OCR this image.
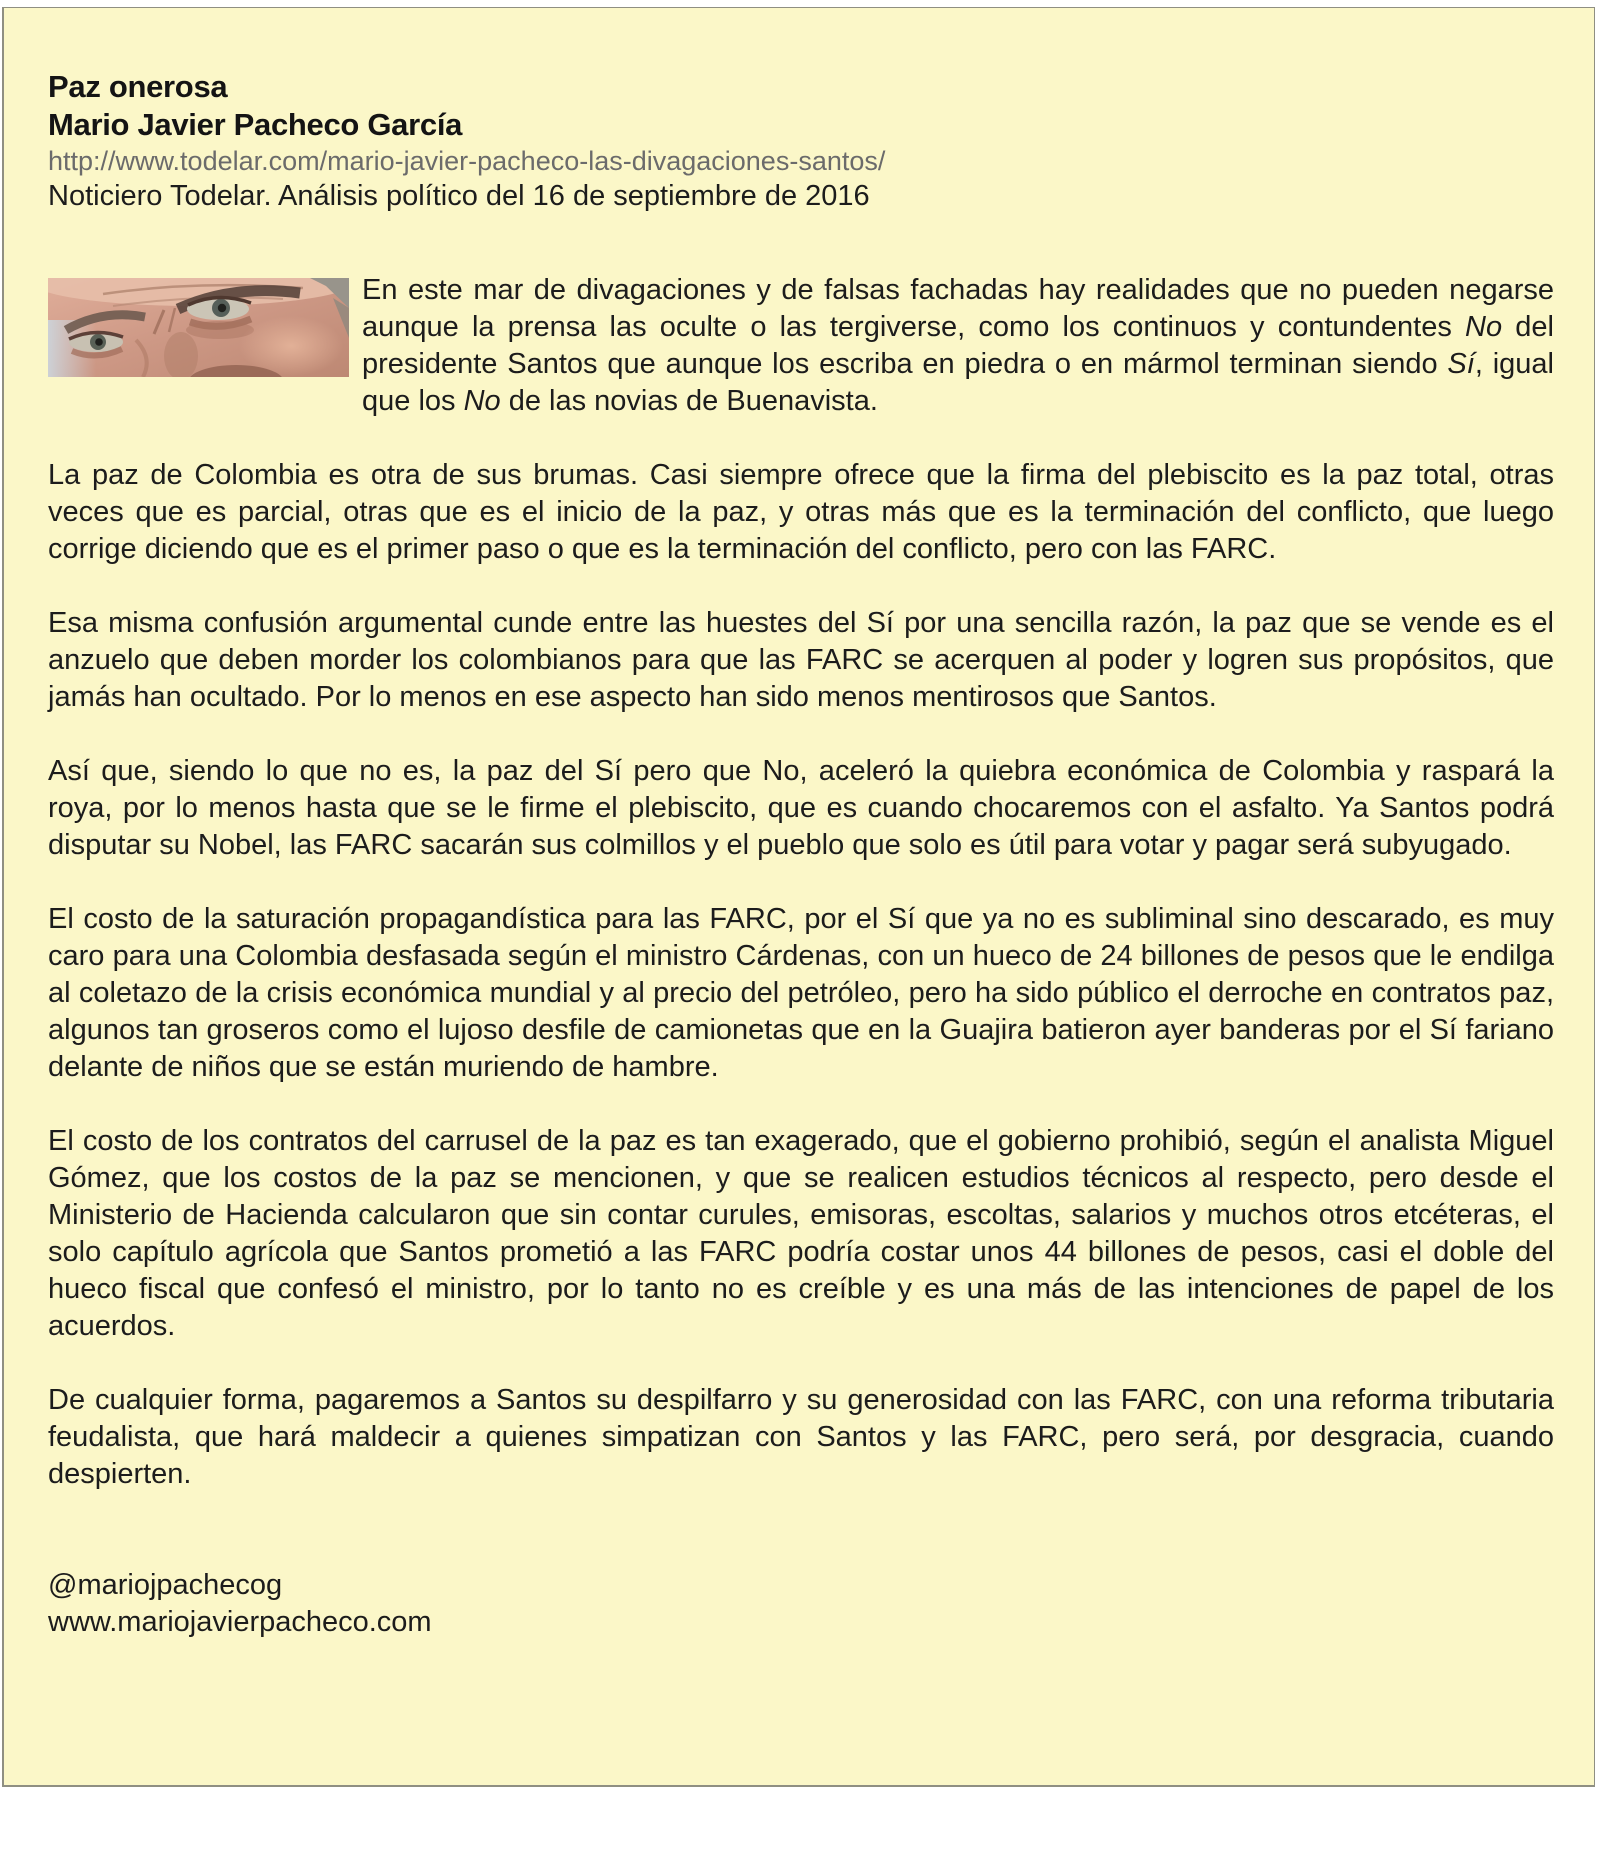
Paz onerosa

Mario Javier Pacheco García

http://www.todelar.com/mario-javier-pacheco-las-divagaciones-santos/

Noticiero Todelar. Análisis político del 16 de septiembre de 2016

En este mar de divagaciones y de falsas fachadas hay realidades que no pueden negarse aunque la prensa las oculte o las tergiverse, como los continuos y contundentes No del presidente Santos que aunque los escriba en piedra o en mármol terminan siendo Sí, igual que los No de las novias de Buenavista.

La paz de Colombia es otra de sus brumas. Casi siempre ofrece que la firma del plebiscito es la paz total, otras veces que es parcial, otras que es el inicio de la paz, y otras más que es la terminación del conflicto, que luego corrige diciendo que es el primer paso o que es la terminación del conflicto, pero con las FARC.

Esa misma confusión argumental cunde entre las huestes del Sí por una sencilla razón, la paz que se vende es el anzuelo que deben morder los colombianos para que las FARC se acerquen al poder y logren sus propósitos, que jamás han ocultado. Por lo menos en ese aspecto han sido menos mentirosos que Santos.

Así que, siendo lo que no es, la paz del Sí pero que No, aceleró la quiebra económica de Colombia y raspará la roya, por lo menos hasta que se le firme el plebiscito, que es cuando chocaremos con el asfalto. Ya Santos podrá disputar su Nobel, las FARC sacarán sus colmillos y el pueblo que solo es útil para votar y pagar será subyugado.

El costo de la saturación propagandística para las FARC, por el Sí que ya no es subliminal sino descarado, es muy caro para una Colombia desfasada según el ministro Cárdenas, con un hueco de 24 billones de pesos que le endilga al coletazo de la crisis económica mundial y al precio del petróleo, pero ha sido público el derroche en contratos paz, algunos tan groseros como el lujoso desfile de camionetas que en la Guajira batieron ayer banderas por el Sí fariano delante de niños que se están muriendo de hambre.

El costo de los contratos del carrusel de la paz es tan exagerado, que el gobierno prohibió, según el analista Miguel Gómez, que los costos de la paz se mencionen, y que se realicen estudios técnicos al respecto, pero desde el Ministerio de Hacienda calcularon que sin contar curules, emisoras, escoltas, salarios y muchos otros etcéteras, el solo capítulo agrícola que Santos prometió a las FARC podría costar unos 44 billones de pesos, casi el doble del hueco fiscal que confesó el ministro, por lo tanto no es creíble y es una más de las intenciones de papel de los acuerdos.

De cualquier forma, pagaremos a Santos su despilfarro y su generosidad con las FARC, con una reforma tributaria feudalista, que hará maldecir a quienes simpatizan con Santos y las FARC, pero será, por desgracia, cuando despierten.

@mariojpachecog
www.mariojavierpacheco.com
